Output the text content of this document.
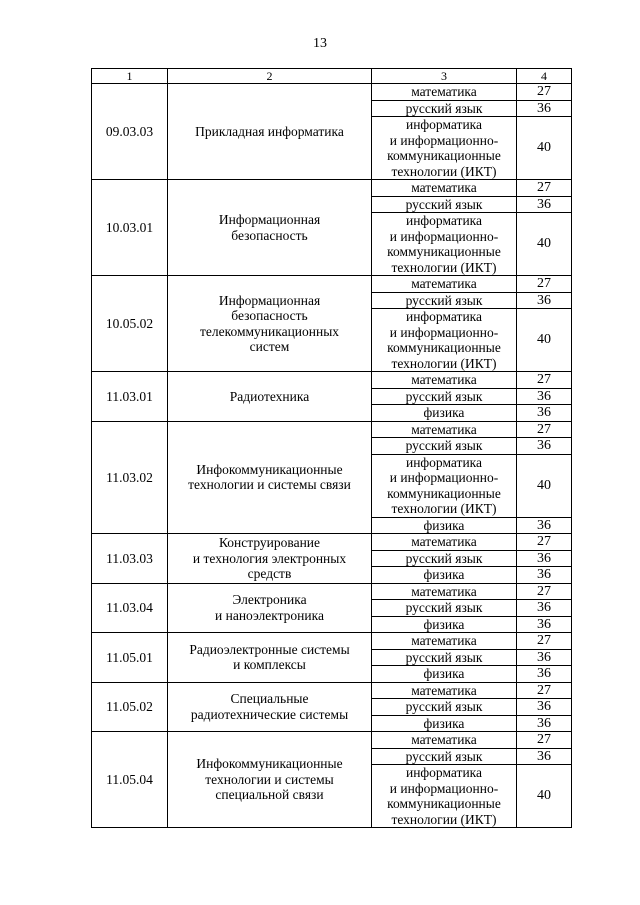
13
1	2	3	4
09.03.03	Прикладная информатика	математика	27
		русский язык	36
		информатика
и информационно-
коммуникационные
технологии (ИКТ)	40
10.03.01	Информационная
безопасность	математика	27
		русский язык	36
		информатика
и информационно-
коммуникационные
технологии (ИКТ)	40
10.05.02	Информационная
безопасность
телекоммуникационных
систем	математика	27
		русский язык	36
		информатика
и информационно-
коммуникационные
технологии (ИКТ)	40
11.03.01	Радиотехника	математика	27
		русский язык	36
		физика	36
11.03.02	Инфокоммуникационные
технологии и системы связи	математика	27
		русский язык	36
		информатика
и информационно-
коммуникационные
технологии (ИКТ)	40
		физика	36
11.03.03	Конструирование
и технология электронных
средств	математика	27
		русский язык	36
		физика	36
11.03.04	Электроника
и наноэлектроника	математика	27
		русский язык	36
		физика	36
11.05.01	Радиоэлектронные системы
и комплексы	математика	27
		русский язык	36
		физика	36
11.05.02	Специальные
радиотехнические системы	математика	27
		русский язык	36
		физика	36
11.05.04	Инфокоммуникационные
технологии и системы
специальной связи	математика	27
		русский язык	36
		информатика
и информационно-
коммуникационные
технологии (ИКТ)	40
